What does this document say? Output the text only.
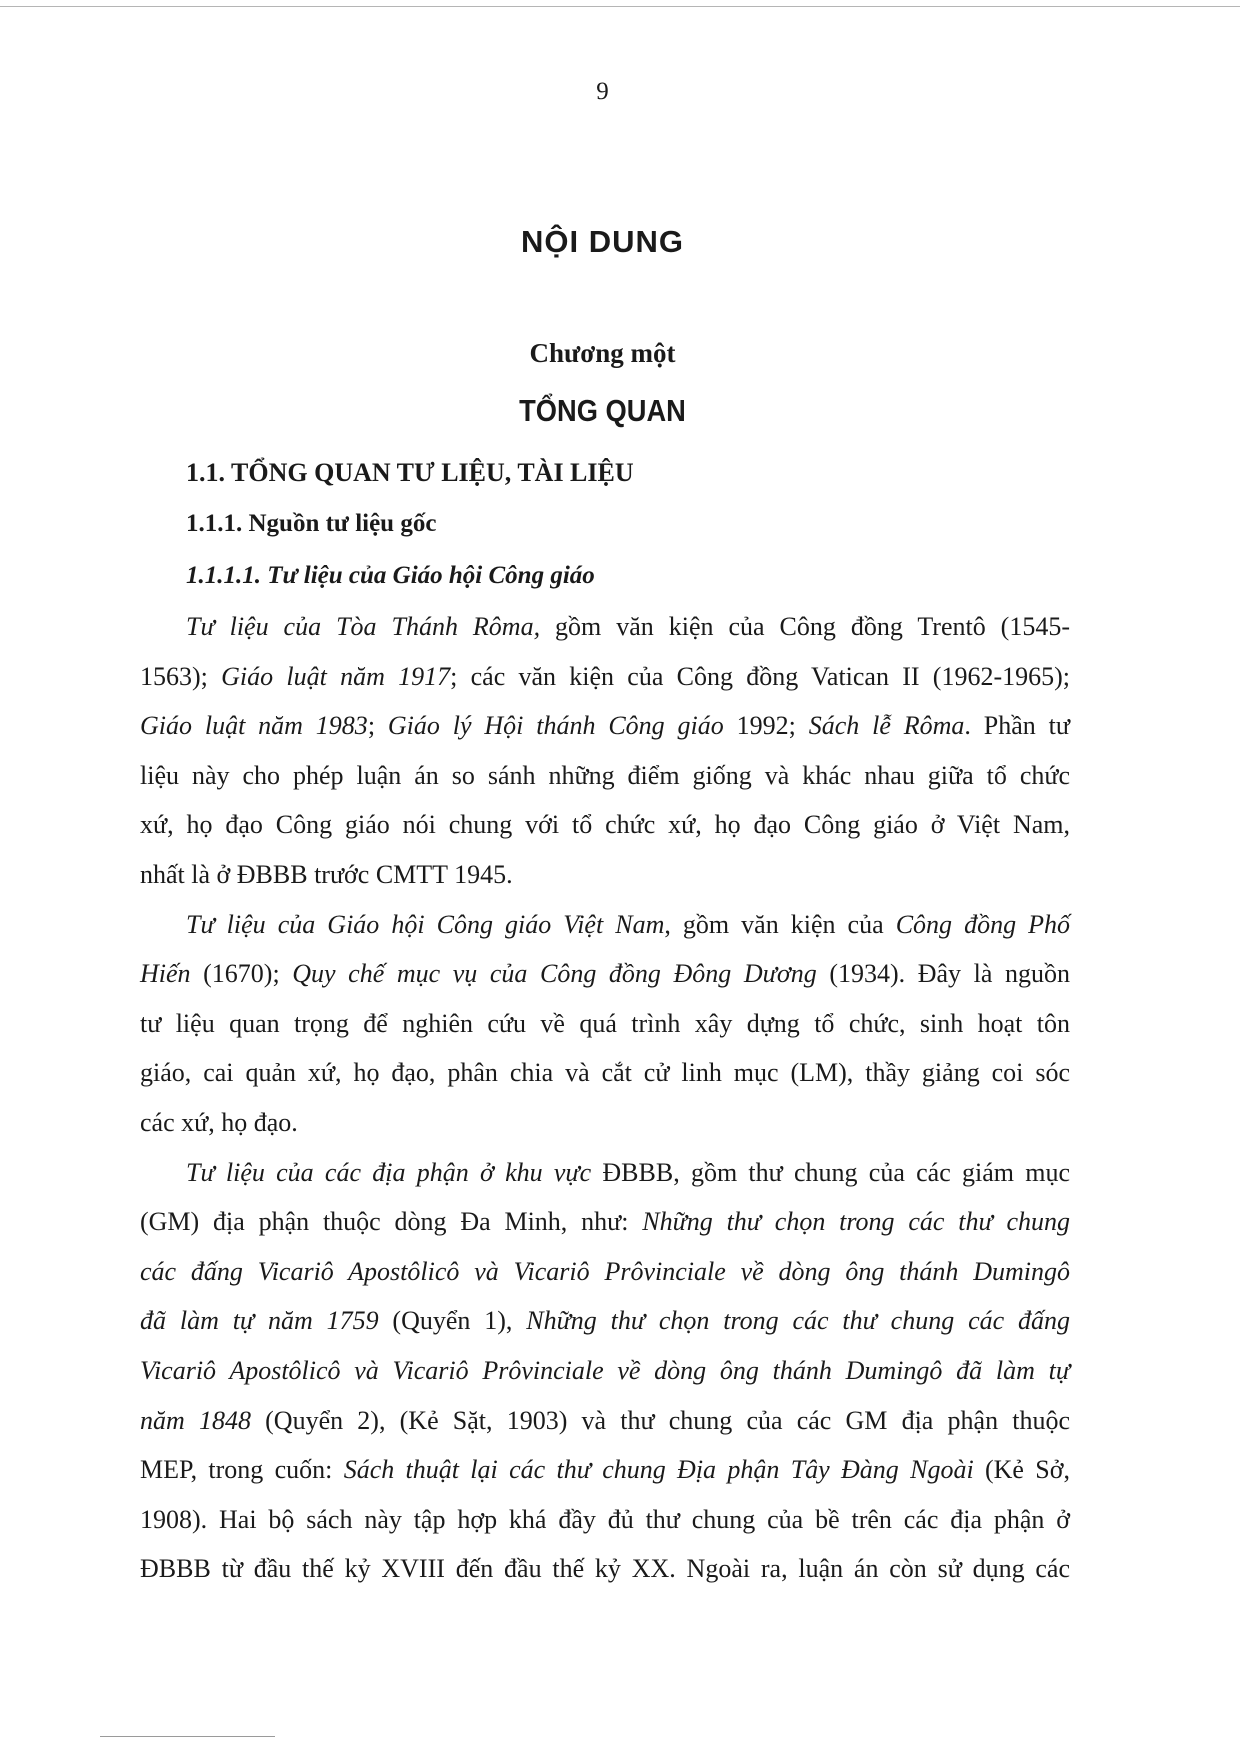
9
NỘI DUNG
Chương một
TỔNG QUAN
1.1. TỔNG QUAN TƯ LIỆU, TÀI LIỆU
1.1.1. Nguồn tư liệu gốc
1.1.1.1. Tư liệu của Giáo hội Công giáo
Tư liệu của Tòa Thánh Rôma, gồm văn kiện của Công đồng Trentô (1545-
1563); Giáo luật năm 1917; các văn kiện của Công đồng Vatican II (1962-1965);
Giáo luật năm 1983; Giáo lý Hội thánh Công giáo 1992; Sách lễ Rôma. Phần tư
liệu này cho phép luận án so sánh những điểm giống và khác nhau giữa tổ chức
xứ, họ đạo Công giáo nói chung với tổ chức xứ, họ đạo Công giáo ở Việt Nam,
nhất là ở ĐBBB trước CMTT 1945.
Tư liệu của Giáo hội Công giáo Việt Nam, gồm văn kiện của Công đồng Phố
Hiến (1670); Quy chế mục vụ của Công đồng Đông Dương (1934). Đây là nguồn
tư liệu quan trọng để nghiên cứu về quá trình xây dựng tổ chức, sinh hoạt tôn
giáo, cai quản xứ, họ đạo, phân chia và cắt cử linh mục (LM), thầy giảng coi sóc
các xứ, họ đạo.
Tư liệu của các địa phận ở khu vực ĐBBB, gồm thư chung của các giám mục
(GM) địa phận thuộc dòng Đa Minh, như: Những thư chọn trong các thư chung
các đấng Vicariô Apostôlicô và Vicariô Prôvinciale về dòng ông thánh Dumingô
đã làm tự năm 1759 (Quyển 1), Những thư chọn trong các thư chung các đấng
Vicariô Apostôlicô và Vicariô Prôvinciale về dòng ông thánh Dumingô đã làm tự
năm 1848 (Quyển 2), (Kẻ Sặt, 1903) và thư chung của các GM địa phận thuộc
MEP, trong cuốn: Sách thuật lại các thư chung Địa phận Tây Đàng Ngoài (Kẻ Sở,
1908). Hai bộ sách này tập hợp khá đầy đủ thư chung của bề trên các địa phận ở
ĐBBB từ đầu thế kỷ XVIII đến đầu thế kỷ XX. Ngoài ra, luận án còn sử dụng các
